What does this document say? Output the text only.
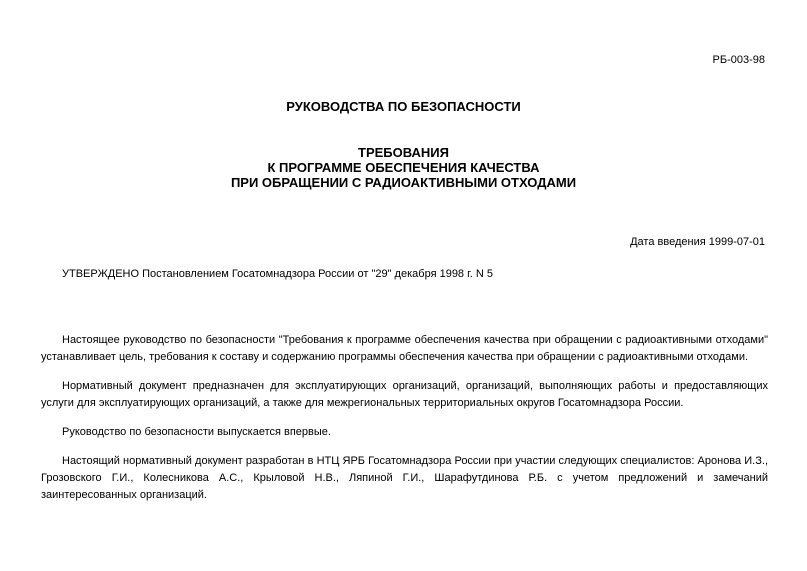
РБ-003-98
РУКОВОДСТВА ПО БЕЗОПАСНОСТИ
ТРЕБОВАНИЯ
К ПРОГРАММЕ ОБЕСПЕЧЕНИЯ КАЧЕСТВА
ПРИ ОБРАЩЕНИИ С РАДИОАКТИВНЫМИ ОТХОДАМИ
Дата введения 1999-07-01
УТВЕРЖДЕНО Постановлением Госатомнадзора России от "29" декабря 1998 г. N 5

Настоящее руководство по безопасности "Требования к программе обеспечения качества при обращении с радиоактивными отходами" устанавливает цель, требования к составу и содержанию программы обеспечения качества при обращении с радиоактивными отходами.

Нормативный документ предназначен для эксплуатирующих организаций, организаций, выполняющих работы и предоставляющих услуги для эксплуатирующих организаций, а также для межрегиональных территориальных округов Госатомнадзора России.

Руководство по безопасности выпускается впервые.

Настоящий нормативный документ разработан в НТЦ ЯРБ Госатомнадзора России при участии следующих специалистов: Аронова И.З., Грозовского Г.И., Колесникова А.С., Крыловой Н.В., Ляпиной Г.И., Шарафутдинова Р.Б. с учетом предложений и замечаний заинтересованных организаций.
